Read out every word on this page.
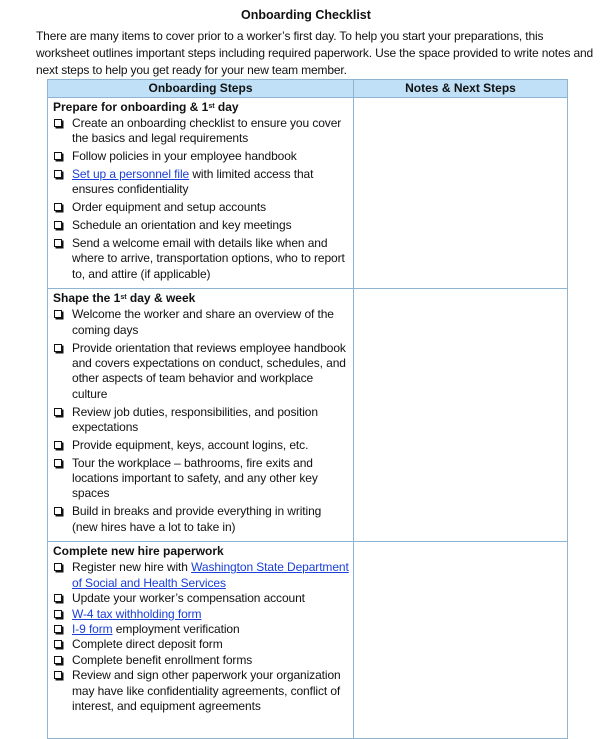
Onboarding Checklist
There are many items to cover prior to a worker’s first day. To help you start your preparations, this worksheet outlines important steps including required paperwork. Use the space provided to write notes and next steps to help you get ready for your new team member.
Onboarding Steps	Notes & Next Steps

Prepare for onboarding & 1st day
Create an onboarding checklist to ensure you cover the basics and legal requirements
Follow policies in your employee handbook
Set up a personnel file with limited access that ensures confidentiality
Order equipment and setup accounts
Schedule an orientation and key meetings
Send a welcome email with details like when and where to arrive, transportation options, who to report to, and attire (if applicable)

Shape the 1st day & week
Welcome the worker and share an overview of the coming days
Provide orientation that reviews employee handbook and covers expectations on conduct, schedules, and other aspects of team behavior and workplace culture
Review job duties, responsibilities, and position expectations
Provide equipment, keys, account logins, etc.
Tour the workplace – bathrooms, fire exits and locations important to safety, and any other key spaces
Build in breaks and provide everything in writing (new hires have a lot to take in)

Complete new hire paperwork
Register new hire with Washington State Department of Social and Health Services
Update your worker’s compensation account
W-4 tax withholding form
I-9 form employment verification
Complete direct deposit form
Complete benefit enrollment forms
Review and sign other paperwork your organization may have like confidentiality agreements, conflict of interest, and equipment agreements
